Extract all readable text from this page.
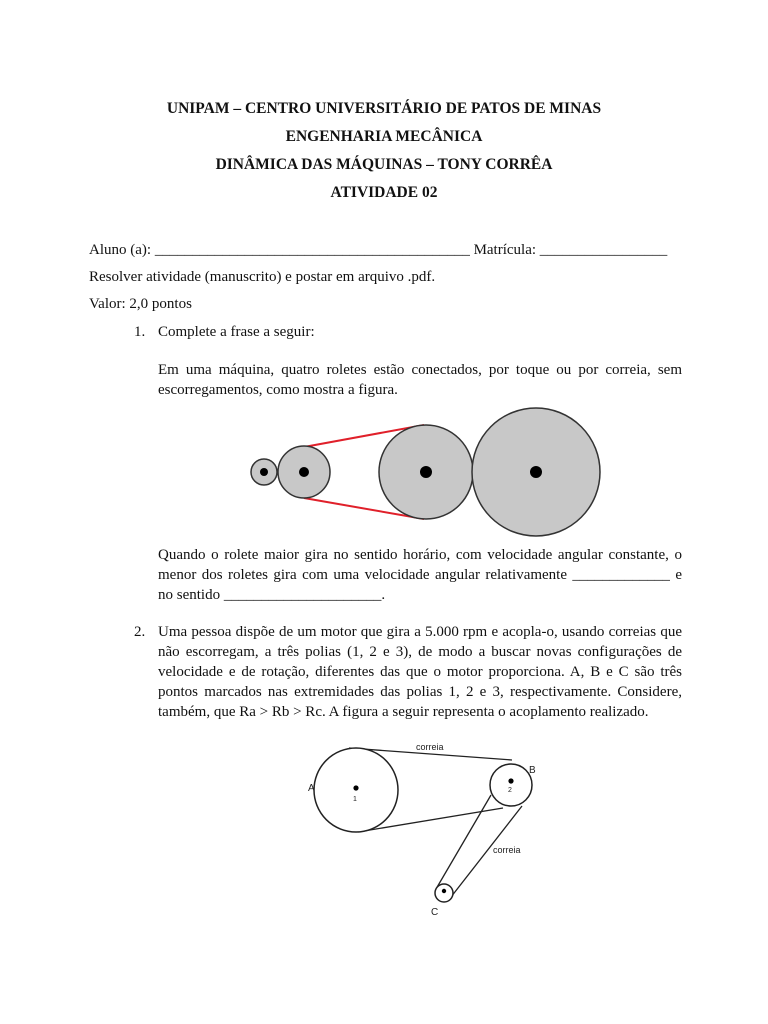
UNIPAM – CENTRO UNIVERSITÁRIO DE PATOS DE MINAS
ENGENHARIA MECÂNICA
DINÂMICA DAS MÁQUINAS – TONY CORRÊA
ATIVIDADE 02
Aluno (a): __________________________________________ Matrícula: _________________
Resolver atividade (manuscrito) e postar em arquivo .pdf.
Valor: 2,0 pontos
1. Complete a frase a seguir:
Em uma máquina, quatro roletes estão conectados, por toque ou por correia, sem escorregamentos, como mostra a figura.
Quando o rolete maior gira no sentido horário, com velocidade angular constante, o menor dos roletes gira com uma velocidade angular relativamente _____________ e no sentido _____________________.
2. Uma pessoa dispõe de um motor que gira a 5.000 rpm e acopla-o, usando correias que não escorregam, a três polias (1, 2 e 3), de modo a buscar novas configurações de velocidade e de rotação, diferentes das que o motor proporciona. A, B e C são três pontos marcados nas extremidades das polias 1, 2 e 3, respectivamente. Considere, também, que Ra > Rb > Rc. A figura a seguir representa o acoplamento realizado.
correia
correia
A
B
C
1
2
